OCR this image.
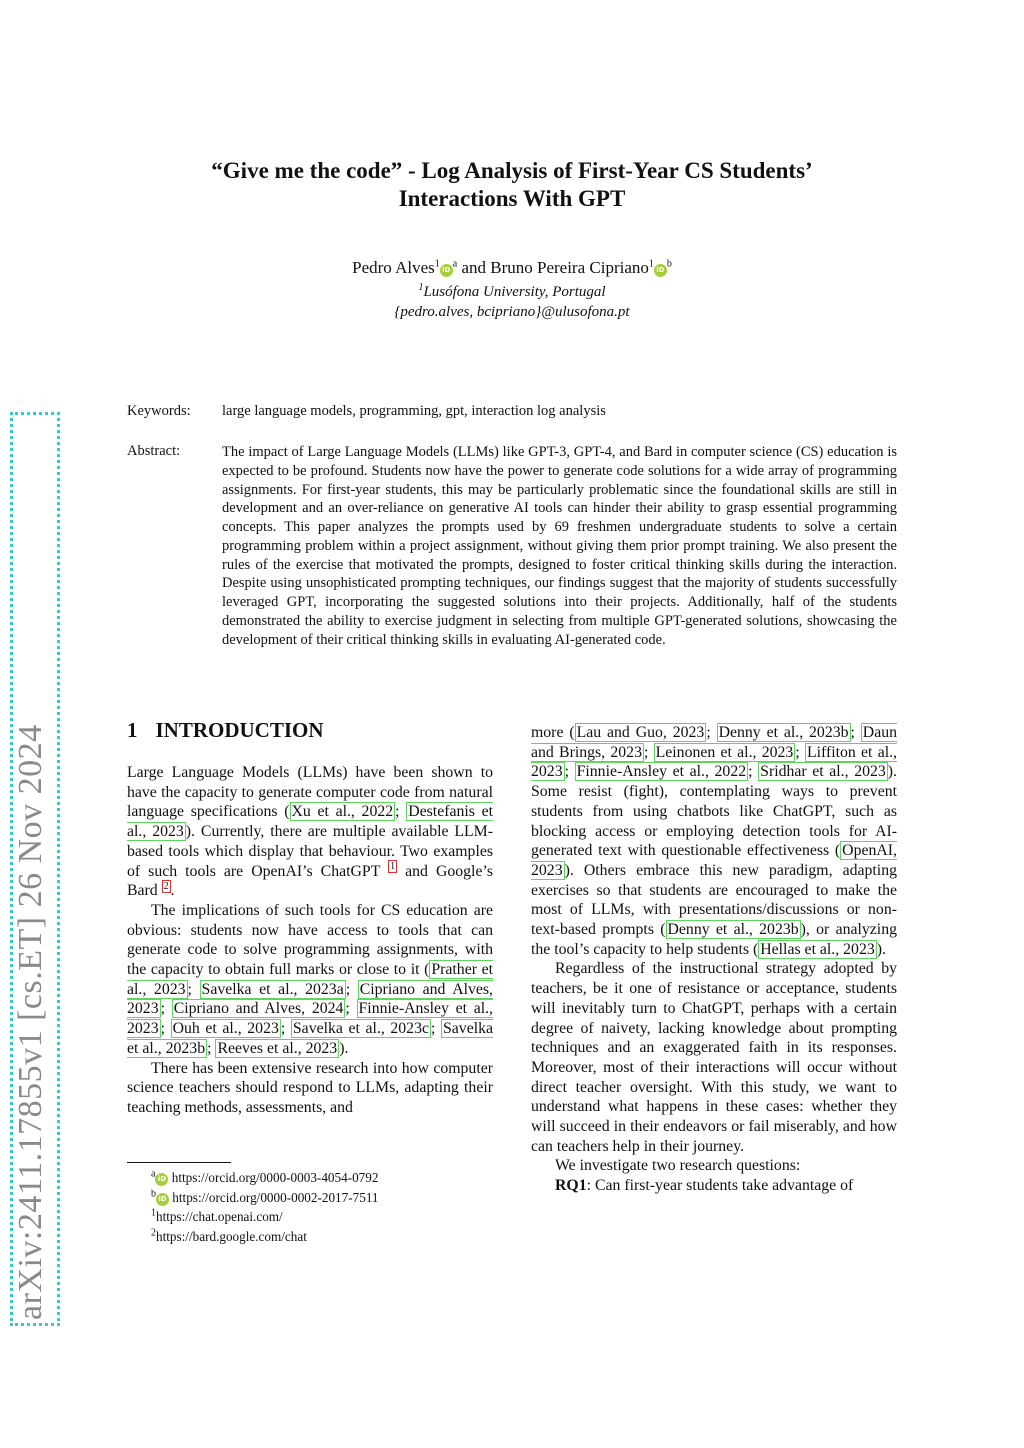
arXiv:2411.17855v1 [cs.ET] 26 Nov 2024
“Give me the code” - Log Analysis of First-Year CS Students’
Interactions With GPT
Pedro $Alves^1iD^a$ and Bruno Pereira $Cipriano^1iD^b$
$^1$Lusófona University, Portugal
{pedro.alves, bcipriano}@ulusofona.pt
Keywords: large language models, programming, gpt, interaction log analysis
Abstract:	The impact of Large Language Models (LLMs) like GPT-3, GPT-4, and Bard in computer science (CS) education is expected to be profound. Students now have the power to generate code solutions for a wide array of programming assignments. For first-year students, this may be particularly problematic since the foundational skills are still in development and an over-reliance on generative AI tools can hinder their ability to grasp essential programming concepts. This paper analyzes the prompts used by 69 freshmen undergraduate students to solve a certain programming problem within a project assignment, without giving them prior prompt training. We also present the rules of the exercise that motivated the prompts, designed to foster critical thinking skills during the interaction. Despite using unsophisticated prompting techniques, our findings suggest that the majority of students successfully leveraged GPT, incorporating the suggested solutions into their projects. Additionally, half of the students demonstrated the ability to exercise judgment in selecting from multiple GPT-generated solutions, showcasing the development of their critical thinking skills in evaluating AI-generated code.
1 INTRODUCTION

Large Language Models (LLMs) have been shown to have the capacity to generate computer code from natural language specifications ( Xu et al., 2022 ; Destefanis et al., 2023 ). Currently, there are multiple available LLM-based tools which display that behaviour. Two examples of such tools are OpenAI’s ChatGPT $^1$ and Google’s Bard $^2$ .

The implications of such tools for CS education are obvious: students now have access to tools that can generate code to solve programming assignments, with the capacity to obtain full marks or close to it ( Prather et al., 2023 ; Savelka et al., 2023a ; Cipriano and Alves, 2023 ; Cipriano and Alves, 2024 ; Finnie-Ansley et al., 2023 ; Ouh et al., 2023 ; Savelka et al., 2023c ; Savelka et al., 2023b ; Reeves et al., 2023 ).

There has been extensive research into how computer science teachers should respond to LLMs, adapting their teaching methods, assessments, and

$^a$ iD https://orcid.org/0000-0003-4054-0792
$^b$ iD https://orcid.org/0000-0002-2017-7511
$^1$https://chat.openai.com/
$^2$https://bard.google.com/chat

more ( Lau and Guo, 2023 ; Denny et al., 2023b ; Daun and Brings, 2023 ; Leinonen et al., 2023 ; Liffiton et al., 2023 ; Finnie-Ansley et al., 2022 ; Sridhar et al., 2023 ). Some resist (fight), contemplating ways to prevent students from using chatbots like ChatGPT, such as blocking access or employing detection tools for AI-generated text with questionable effectiveness ( OpenAI, 2023 ). Others embrace this new paradigm, adapting exercises so that students are encouraged to make the most of LLMs, with presentations/discussions or non-text-based prompts ( Denny et al., 2023b ), or analyzing the tool’s capacity to help students ( Hellas et al., 2023 ).

Regardless of the instructional strategy adopted by teachers, be it one of resistance or acceptance, students will inevitably turn to ChatGPT, perhaps with a certain degree of naivety, lacking knowledge about prompting techniques and an exaggerated faith in its responses. Moreover, most of their interactions will occur without direct teacher oversight. With this study, we want to understand what happens in these cases: whether they will succeed in their endeavors or fail miserably, and how can teachers help in their journey.

We investigate two research questions:

RQ1: Can first-year students take advantage of
